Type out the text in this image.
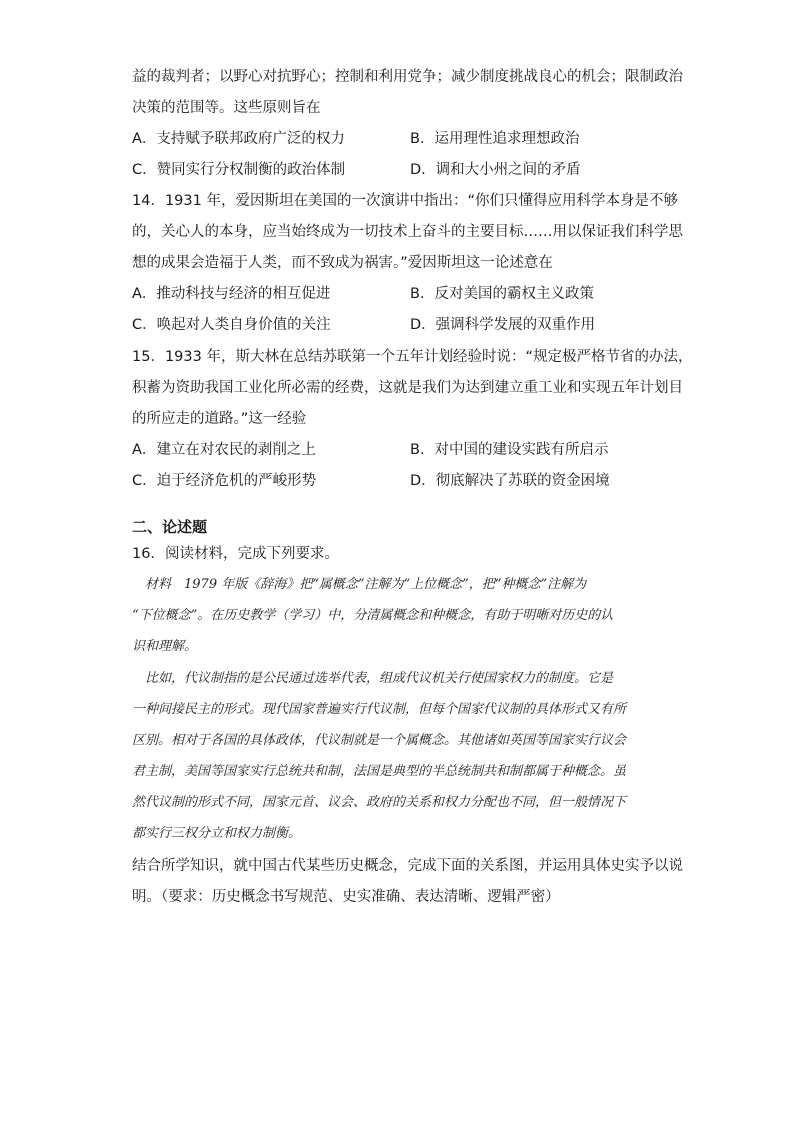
益的裁判者；以野心对抗野心；控制和利用党争；减少制度挑战良心的机会；限制政治
决策的范围等。这些原则旨在
A．支持赋予联邦政府广泛的权力	B．运用理性追求理想政治
C．赞同实行分权制衡的政治体制	D．调和大小州之间的矛盾
14．1931 年，爱因斯坦在美国的一次演讲中指出：“你们只懂得应用科学本身是不够
的，关心人的本身，应当始终成为一切技术上奋斗的主要目标……用以保证我们科学思
想的成果会造福于人类，而不致成为祸害。”爱因斯坦这一论述意在
A．推动科技与经济的相互促进	B．反对美国的霸权主义政策
C．唤起对人类自身价值的关注	D．强调科学发展的双重作用
15．1933 年，斯大林在总结苏联第一个五年计划经验时说：“规定极严格节省的办法，
积蓄为资助我国工业化所必需的经费，这就是我们为达到建立重工业和实现五年计划目
的所应走的道路。”这一经验
A．建立在对农民的剥削之上	B．对中国的建设实践有所启示
C．迫于经济危机的严峻形势	D．彻底解决了苏联的资金困境
二、论述题
16．阅读材料，完成下列要求。
　材料　1979 年版《辞海》把“属概念”注解为“上位概念”，把“种概念”注解为
“下位概念”。在历史教学（学习）中，分清属概念和种概念，有助于明晰对历史的认
识和理解。
　比如，代议制指的是公民通过选举代表，组成代议机关行使国家权力的制度。它是
一种间接民主的形式。现代国家普遍实行代议制，但每个国家代议制的具体形式又有所
区别。相对于各国的具体政体，代议制就是一个属概念。其他诸如英国等国家实行议会
君主制，美国等国家实行总统共和制，法国是典型的半总统制共和制都属于种概念。虽
然代议制的形式不同，国家元首、议会、政府的关系和权力分配也不同，但一般情况下
都实行三权分立和权力制衡。
结合所学知识，就中国古代某些历史概念，完成下面的关系图，并运用具体史实予以说
明。（要求：历史概念书写规范、史实准确、表达清晰、逻辑严密）
